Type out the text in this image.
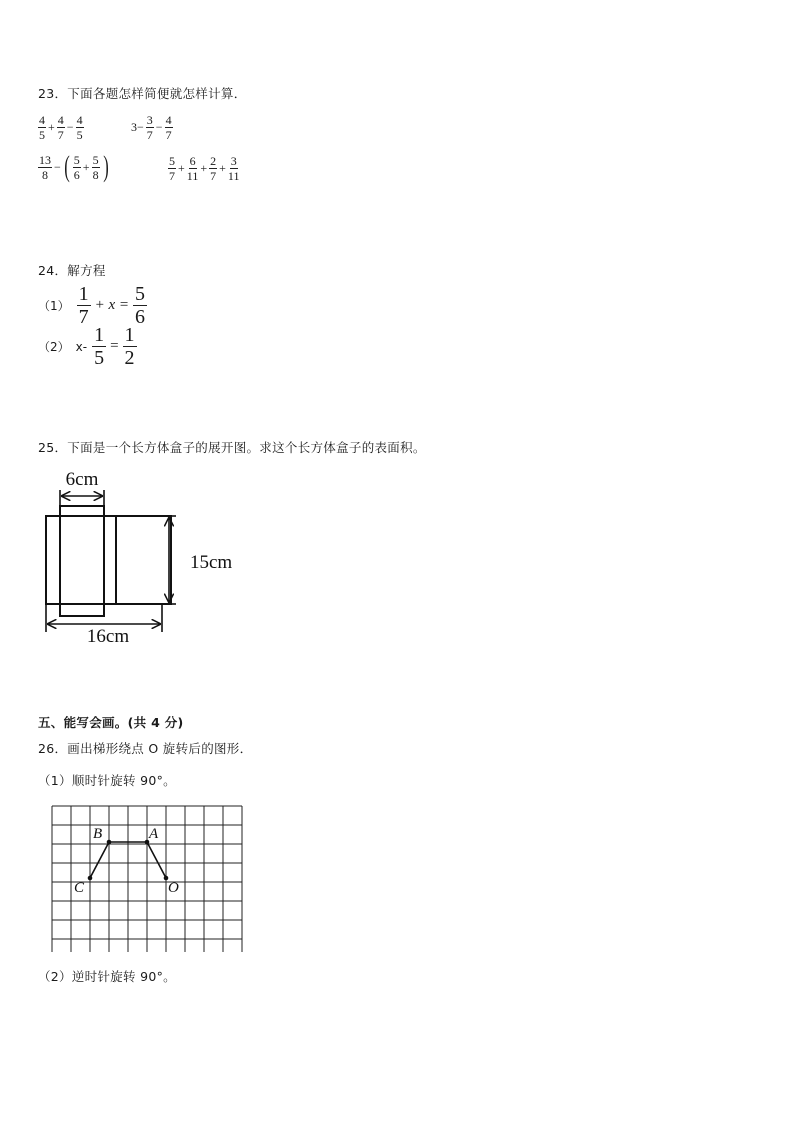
23．下面各题怎样简便就怎样计算．
$\frac{4}{5} + \frac{4}{7} - \frac{4}{5}$	$3- \frac{3}{7} - \frac{4}{7}$
$\frac{13}{8}$ − ( $\frac{5}{6} + \frac{5}{8}$ )	$\frac{5}{7} + \frac{6}{11} + \frac{2}{7} + \frac{3}{11}$
24．解方程
$(1) \frac{1}{7} + x = \frac{5}{6}$
（2） $x- \frac{1}{5} = \frac{1}{2}$
25．下面是一个长方体盒子的展开图。求这个长方体盒子的表面积。
6cm
15cm
16cm
五、能写会画。(共 4 分)
26．画出梯形绕点 O 旋转后的图形．
（1）顺时针旋转 90°。
B	A
C	O
（2）逆时针旋转 90°。
